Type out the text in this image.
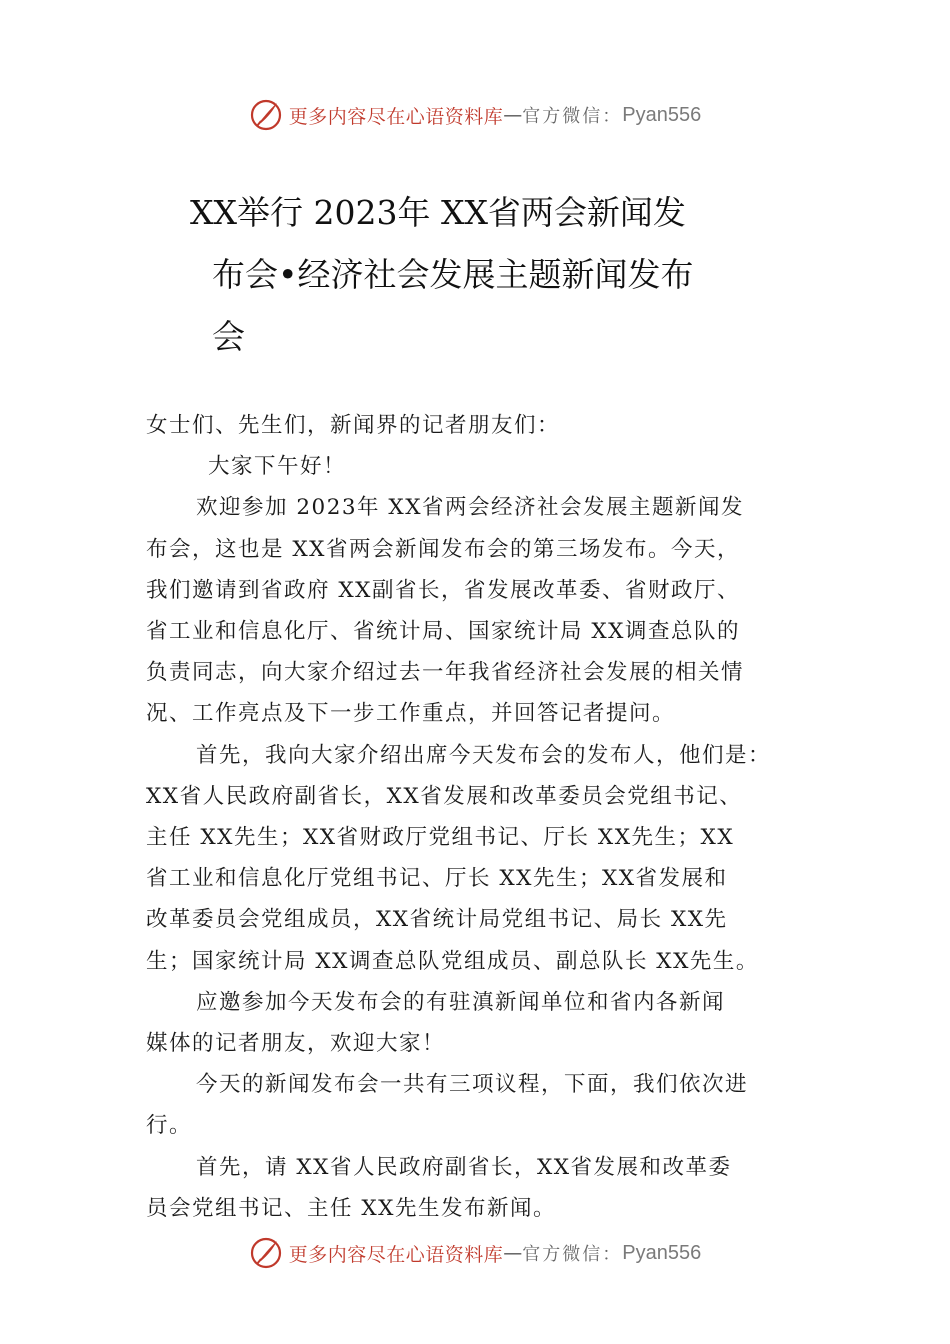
更多内容尽在心语资料库 — 官方微信： Pyan556
XX举行 2023年 XX省两会新闻发
布会•经济社会发展主题新闻发布
会

女士们、先生们，新闻界的记者朋友们：

大家下午好！

欢迎参加 2023年 XX省两会经济社会发展主题新闻发
布会，这也是 XX省两会新闻发布会的第三场发布。今天，
我们邀请到省政府 XX副省长，省发展改革委、省财政厅、
省工业和信息化厅、省统计局、国家统计局 XX调查总队的
负责同志，向大家介绍过去一年我省经济社会发展的相关情
况、工作亮点及下一步工作重点，并回答记者提问。

首先，我向大家介绍出席今天发布会的发布人，他们是：
XX省人民政府副省长，XX省发展和改革委员会党组书记、
主任 XX先生；XX省财政厅党组书记、厅长 XX先生；XX
省工业和信息化厅党组书记、厅长 XX先生；XX省发展和
改革委员会党组成员，XX省统计局党组书记、局长 XX先
生；国家统计局 XX调查总队党组成员、副总队长 XX先生。

应邀参加今天发布会的有驻滇新闻单位和省内各新闻
媒体的记者朋友，欢迎大家！

今天的新闻发布会一共有三项议程，下面，我们依次进
行。

首先，请 XX省人民政府副省长，XX省发展和改革委
员会党组书记、主任 XX先生发布新闻。

更多内容尽在心语资料库 — 官方微信： Pyan556
